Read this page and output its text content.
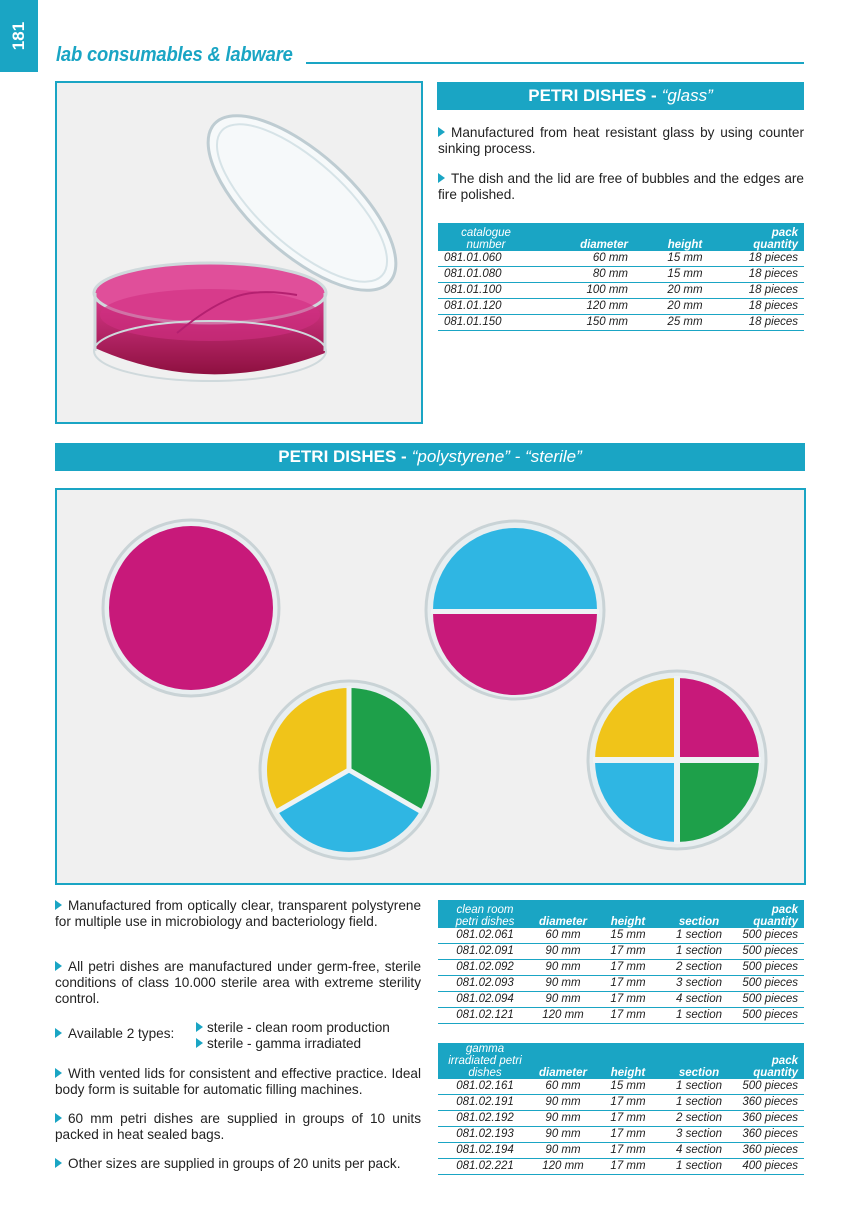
181
lab consumables & labware
PETRI DISHES - “glass”
Manufactured from heat resistant glass by using counter sinking process.
The dish and the lid are free of bubbles and the edges are fire polished.
catalogue number	diameter	height	pack quantity
081.01.060	60 mm	15 mm	18 pieces
081.01.080	80 mm	15 mm	18 pieces
081.01.100	100 mm	20 mm	18 pieces
081.01.120	120 mm	20 mm	18 pieces
081.01.150	150 mm	25 mm	18 pieces
PETRI DISHES - “polystyrene” - “sterile”
Manufactured from optically clear, transparent polystyrene for multiple use in microbiology and bacteriology field.
All petri dishes are manufactured under germ-free, sterile conditions of class 10.000 sterile area with extreme sterility control.
Available 2 types:	sterile - clean room production
sterile - gamma irradiated
With vented lids for consistent and effective practice. Ideal body form is suitable for automatic filling machines.
60 mm petri dishes are supplied in groups of 10 units packed in heat sealed bags.
Other sizes are supplied in groups of 20 units per pack.
clean room petri dishes	diameter	height	section	pack quantity
081.02.061	60 mm	15 mm	1 section	500 pieces
081.02.091	90 mm	17 mm	1 section	500 pieces
081.02.092	90 mm	17 mm	2 section	500 pieces
081.02.093	90 mm	17 mm	3 section	500 pieces
081.02.094	90 mm	17 mm	4 section	500 pieces
081.02.121	120 mm	17 mm	1 section	500 pieces
gamma irradiated petri dishes	diameter	height	section	pack quantity
081.02.161	60 mm	15 mm	1 section	500 pieces
081.02.191	90 mm	17 mm	1 section	360 pieces
081.02.192	90 mm	17 mm	2 section	360 pieces
081.02.193	90 mm	17 mm	3 section	360 pieces
081.02.194	90 mm	17 mm	4 section	360 pieces
081.02.221	120 mm	17 mm	1 section	400 pieces
